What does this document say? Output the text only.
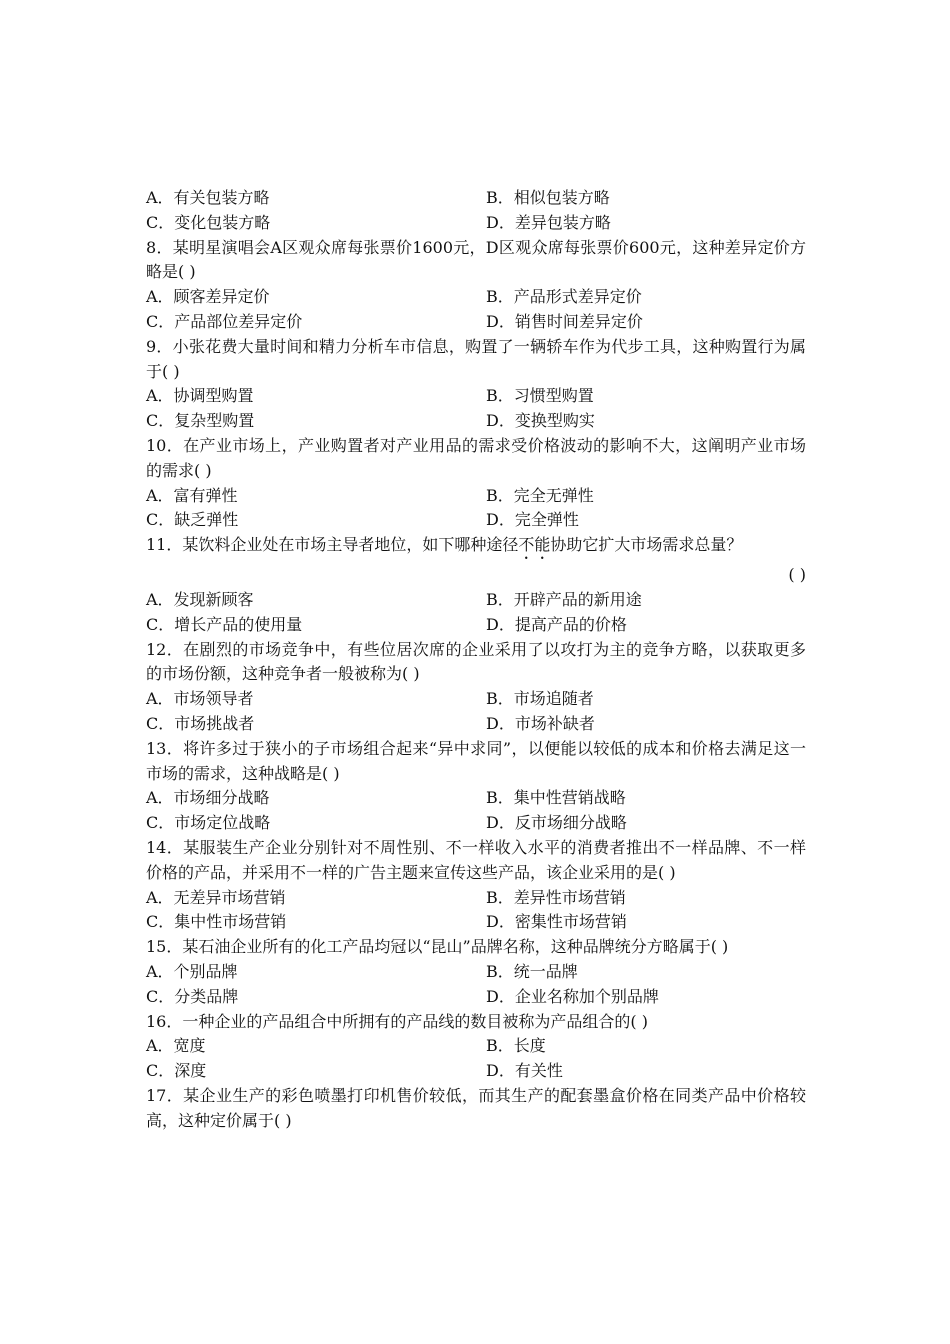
A．有关包装方略	B．相似包装方略
C．变化包装方略	D．差异包装方略
8．某明星演唱会A区观众席每张票价1600元，D区观众席每张票价600元，这种差异定价方略是( )
A．顾客差异定价	B．产品形式差异定价
C．产品部位差异定价	D．销售时间差异定价
9．小张花费大量时间和精力分析车市信息，购置了一辆轿车作为代步工具，这种购置行为属于( )
A．协调型购置	B．习惯型购置
C．复杂型购置	D．变换型购实
10．在产业市场上，产业购置者对产业用品的需求受价格波动的影响不大，这阐明产业市场的需求( )
A．富有弹性	B．完全无弹性
C．缺乏弹性	D．完全弹性
11．某饮料企业处在市场主导者地位，如下哪种途径不能协助它扩大市场需求总量？
( )
A．发现新顾客	B．开辟产品的新用途
C．增长产品的使用量	D．提高产品的价格
12．在剧烈的市场竞争中，有些位居次席的企业采用了以攻打为主的竞争方略，以获取更多的市场份额，这种竞争者一般被称为( )
A．市场领导者	B．市场追随者
C．市场挑战者	D．市场补缺者
13．将许多过于狭小的子市场组合起来“异中求同”，以便能以较低的成本和价格去满足这一市场的需求，这种战略是( )
A．市场细分战略	B．集中性营销战略
C．市场定位战略	D．反市场细分战略
14．某服装生产企业分别针对不周性别、不一样收入水平的消费者推出不一样品牌、不一样价格的产品，并采用不一样的广告主题来宣传这些产品，该企业采用的是( )
A．无差异市场营销	B．差异性市场营销
C．集中性市场营销	D．密集性市场营销
15．某石油企业所有的化工产品均冠以“昆山”品牌名称，这种品牌统分方略属于( )
A．个别品牌	B．统一品牌
C．分类品牌	D．企业名称加个别品牌
16．一种企业的产品组合中所拥有的产品线的数目被称为产品组合的( )
A．宽度	B．长度
C．深度	D．有关性
17．某企业生产的彩色喷墨打印机售价较低，而其生产的配套墨盒价格在同类产品中价格较高，这种定价属于( )
